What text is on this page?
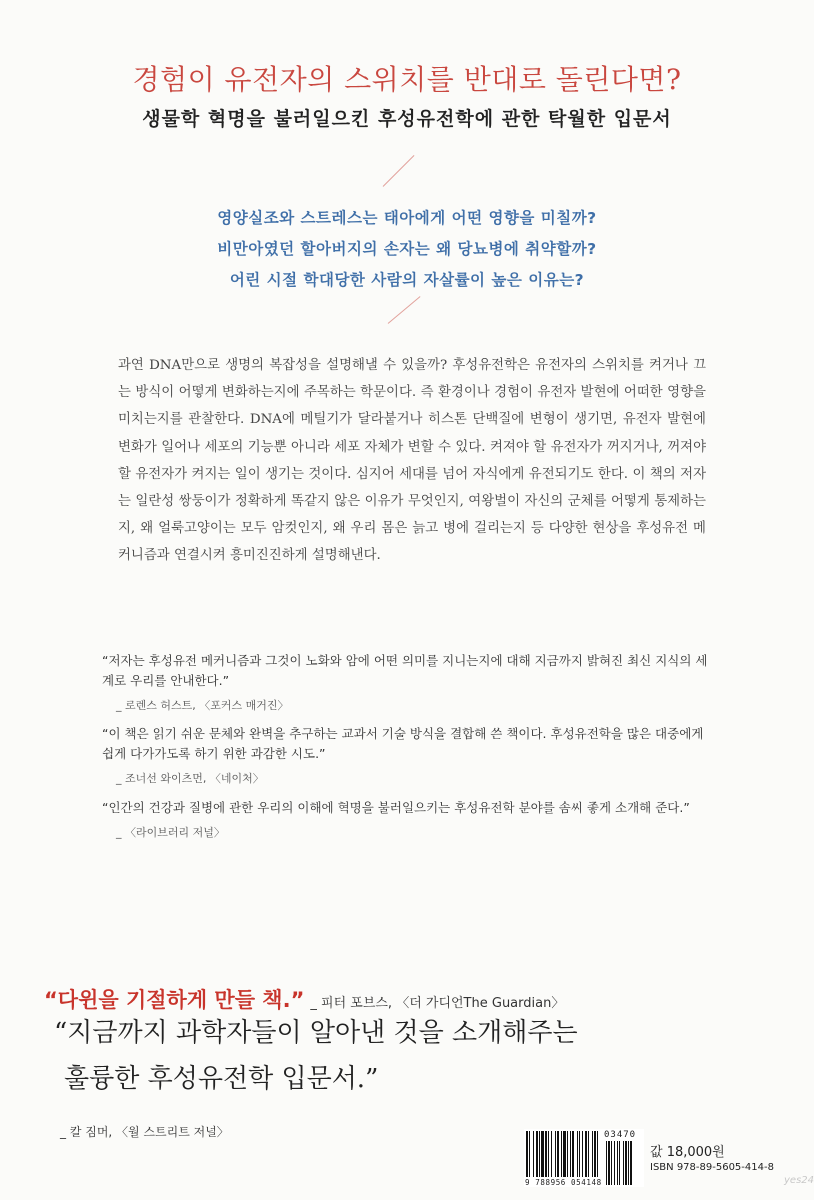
경험이 유전자의 스위치를 반대로 돌린다면?
생물학 혁명을 불러일으킨 후성유전학에 관한 탁월한 입문서
영양실조와 스트레스는 태아에게 어떤 영향을 미칠까?
비만아였던 할아버지의 손자는 왜 당뇨병에 취약할까?
어린 시절 학대당한 사람의 자살률이 높은 이유는?
과연 DNA만으로 생명의 복잡성을 설명해낼 수 있을까? 후성유전학은 유전자의 스위치를 켜거나 끄는 방식이 어떻게 변화하는지에 주목하는 학문이다. 즉 환경이나 경험이 유전자 발현에 어떠한 영향을 미치는지를 관찰한다. DNA에 메틸기가 달라붙거나 히스톤 단백질에 변형이 생기면, 유전자 발현에 변화가 일어나 세포의 기능뿐 아니라 세포 자체가 변할 수 있다. 켜져야 할 유전자가 꺼지거나, 꺼져야 할 유전자가 켜지는 일이 생기는 것이다. 심지어 세대를 넘어 자식에게 유전되기도 한다. 이 책의 저자는 일란성 쌍둥이가 정확하게 똑같지 않은 이유가 무엇인지, 여왕벌이 자신의 군체를 어떻게 통제하는지, 왜 얼룩고양이는 모두 암컷인지, 왜 우리 몸은 늙고 병에 걸리는지 등 다양한 현상을 후성유전 메커니즘과 연결시켜 흥미진진하게 설명해낸다.
“저자는 후성유전 메커니즘과 그것이 노화와 암에 어떤 의미를 지니는지에 대해 지금까지 밝혀진 최신 지식의 세계로 우리를 안내한다.”
_ 로렌스 허스트, 〈포커스 매거진〉
“이 책은 읽기 쉬운 문체와 완벽을 추구하는 교과서 기술 방식을 결합해 쓴 책이다. 후성유전학을 많은 대중에게 쉽게 다가가도록 하기 위한 과감한 시도.”
_ 조너선 와이츠먼, 〈네이처〉
“인간의 건강과 질병에 관한 우리의 이해에 혁명을 불러일으키는 후성유전학 분야를 솜씨 좋게 소개해 준다.”
_ 〈라이브러리 저널〉
“다윈을 기절하게 만들 책.” _ 피터 포브스, 〈더 가디언The Guardian〉
“지금까지 과학자들이 알아낸 것을 소개해주는
훌륭한 후성유전학 입문서.”
_ 칼 짐머, 〈월 스트리트 저널〉	03470
9 788956 054148
값 18,000원
ISBN 978-89-5605-414-8
yes24
